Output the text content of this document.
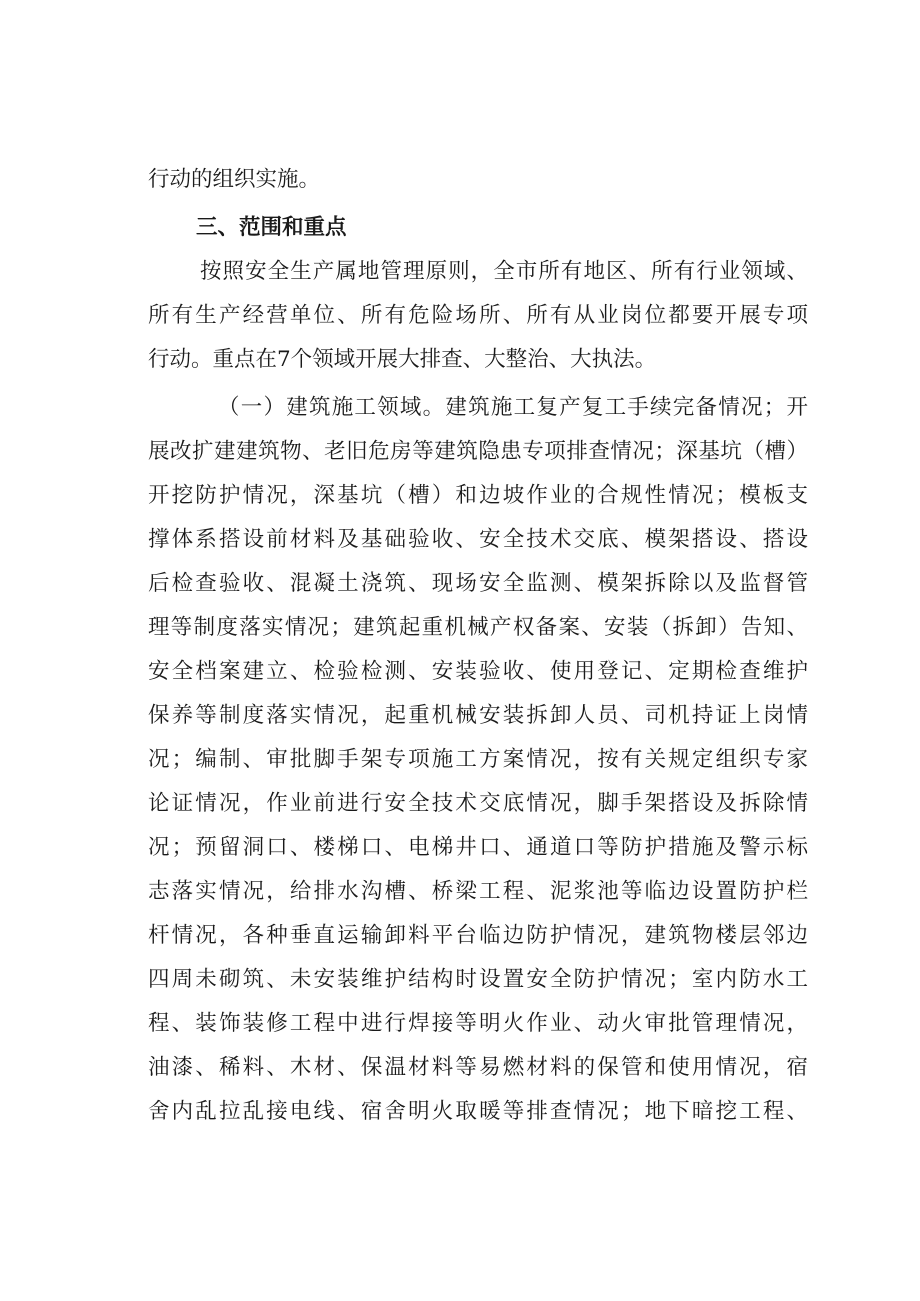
行动的组织实施。
三、范围和重点
按照安全生产属地管理原则，全市所有地区、所有行业领域、
所有生产经营单位、所有危险场所、所有从业岗位都要开展专项
行动。重点在7个领域开展大排查、大整治、大执法。
（一）建筑施工领域。建筑施工复产复工手续完备情况；开
展改扩建建筑物、老旧危房等建筑隐患专项排查情况；深基坑（槽）
开挖防护情况，深基坑（槽）和边坡作业的合规性情况；模板支
撑体系搭设前材料及基础验收、安全技术交底、模架搭设、搭设
后检查验收、混凝土浇筑、现场安全监测、模架拆除以及监督管
理等制度落实情况；建筑起重机械产权备案、安装（拆卸）告知、
安全档案建立、检验检测、安装验收、使用登记、定期检查维护
保养等制度落实情况，起重机械安装拆卸人员、司机持证上岗情
况；编制、审批脚手架专项施工方案情况，按有关规定组织专家
论证情况，作业前进行安全技术交底情况，脚手架搭设及拆除情
况；预留洞口、楼梯口、电梯井口、通道口等防护措施及警示标
志落实情况，给排水沟槽、桥梁工程、泥浆池等临边设置防护栏
杆情况，各种垂直运输卸料平台临边防护情况，建筑物楼层邻边
四周未砌筑、未安装维护结构时设置安全防护情况；室内防水工
程、装饰装修工程中进行焊接等明火作业、动火审批管理情况，
油漆、稀料、木材、保温材料等易燃材料的保管和使用情况，宿
舍内乱拉乱接电线、宿舍明火取暖等排查情况；地下暗挖工程、
